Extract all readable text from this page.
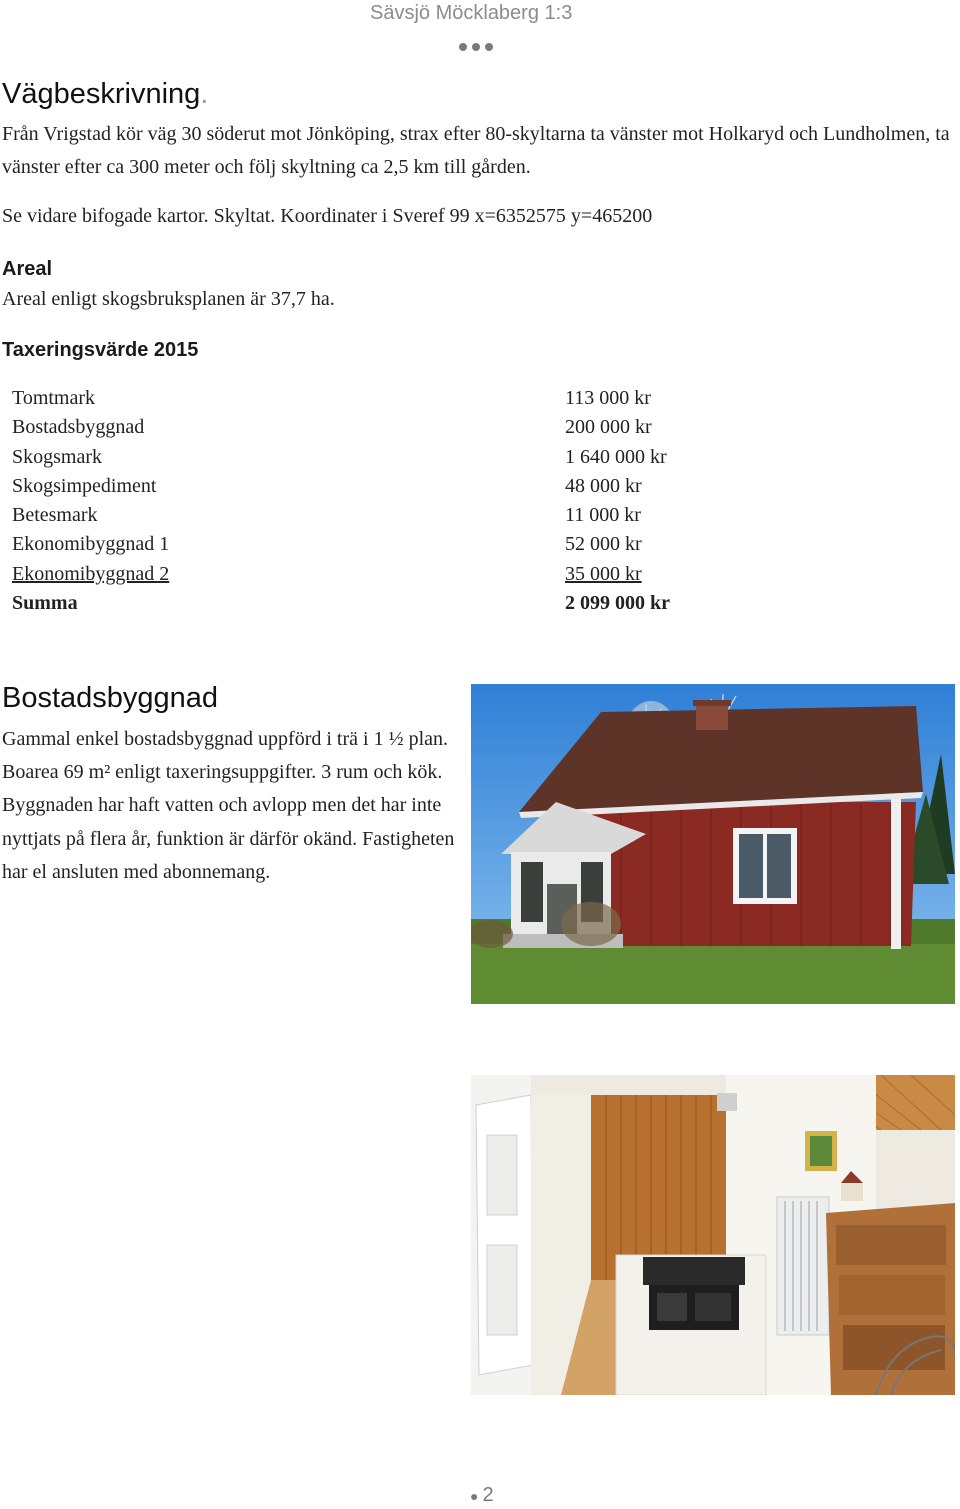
Sävsjö Möcklaberg 1:3
Vägbeskrivning.
Från Vrigstad kör väg 30 söderut mot Jönköping, strax efter 80-skyltarna ta vänster mot Holkaryd och Lundholmen, ta vänster efter ca 300 meter och följ skyltning ca 2,5 km till gården.
Se vidare bifogade kartor. Skyltat. Koordinater i Sveref 99 x=6352575 y=465200
Areal
Areal enligt skogsbruksplanen är 37,7 ha.
Taxeringsvärde 2015
Tomtmark	113 000 kr
Bostadsbyggnad	200 000 kr
Skogsmark	1 640 000 kr
Skogsimpediment	48 000 kr
Betesmark	11 000 kr
Ekonomibyggnad 1	52 000 kr
Ekonomibyggnad 2	35 000 kr
Summa	2 099 000 kr
Bostadsbyggnad
Gammal enkel bostadsbyggnad uppförd i trä i 1 ½ plan. Boarea 69 m² enligt taxeringsuppgifter. 3 rum och kök. Byggnaden har haft vatten och avlopp men det har inte nyttjats på flera år, funktion är därför okänd. Fastigheten har el ansluten med abonnemang.
● 2
